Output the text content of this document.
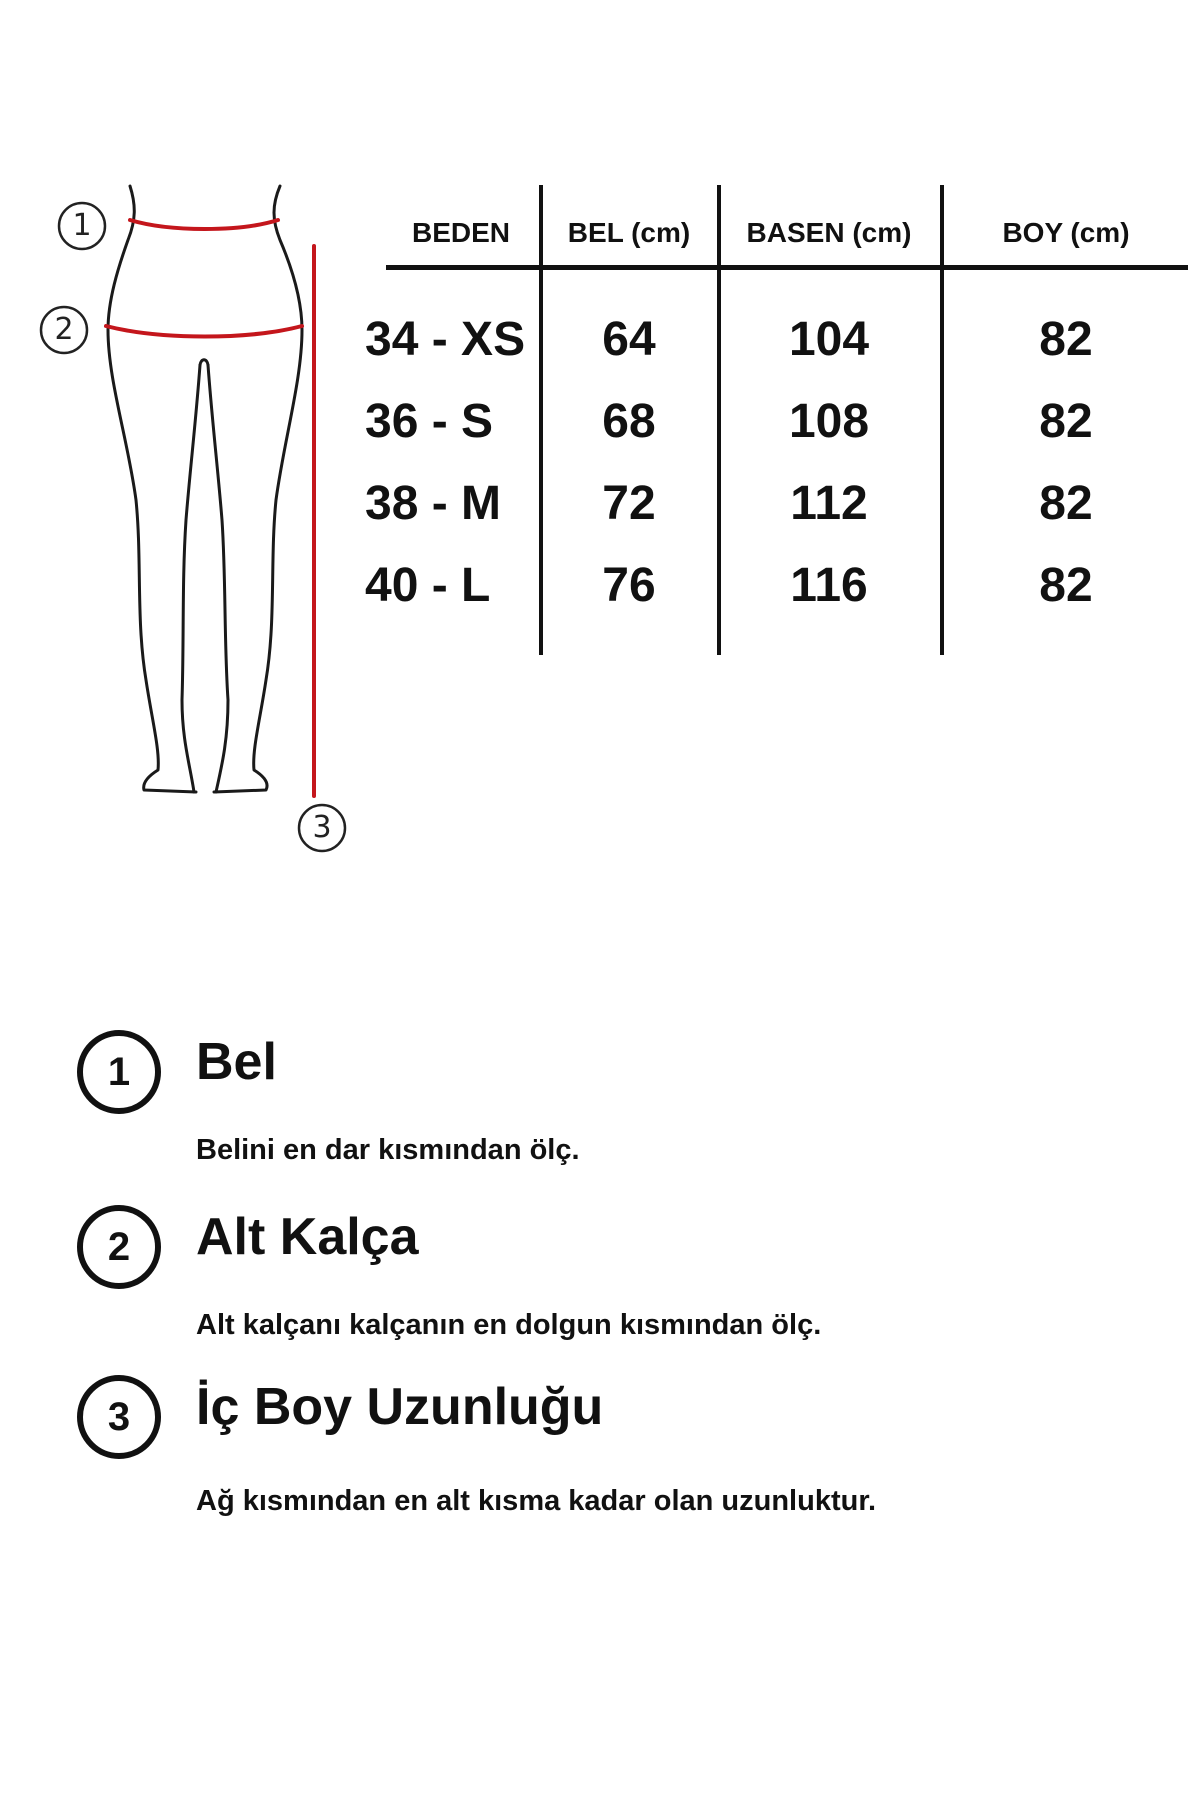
1
2
3
BEDEN	BEL (cm)	BASEN (cm)	BOY (cm)
34 - XS	64	104	82
36 - S	68	108	82
38 - M	72	112	82
40 - L	76	116	82
1	Bel
Belini en dar kısmından ölç.
2	Alt Kalça
Alt kalçanı kalçanın en dolgun kısmından ölç.
3	İç Boy Uzunluğu
Ağ kısmından en alt kısma kadar olan uzunluktur.
